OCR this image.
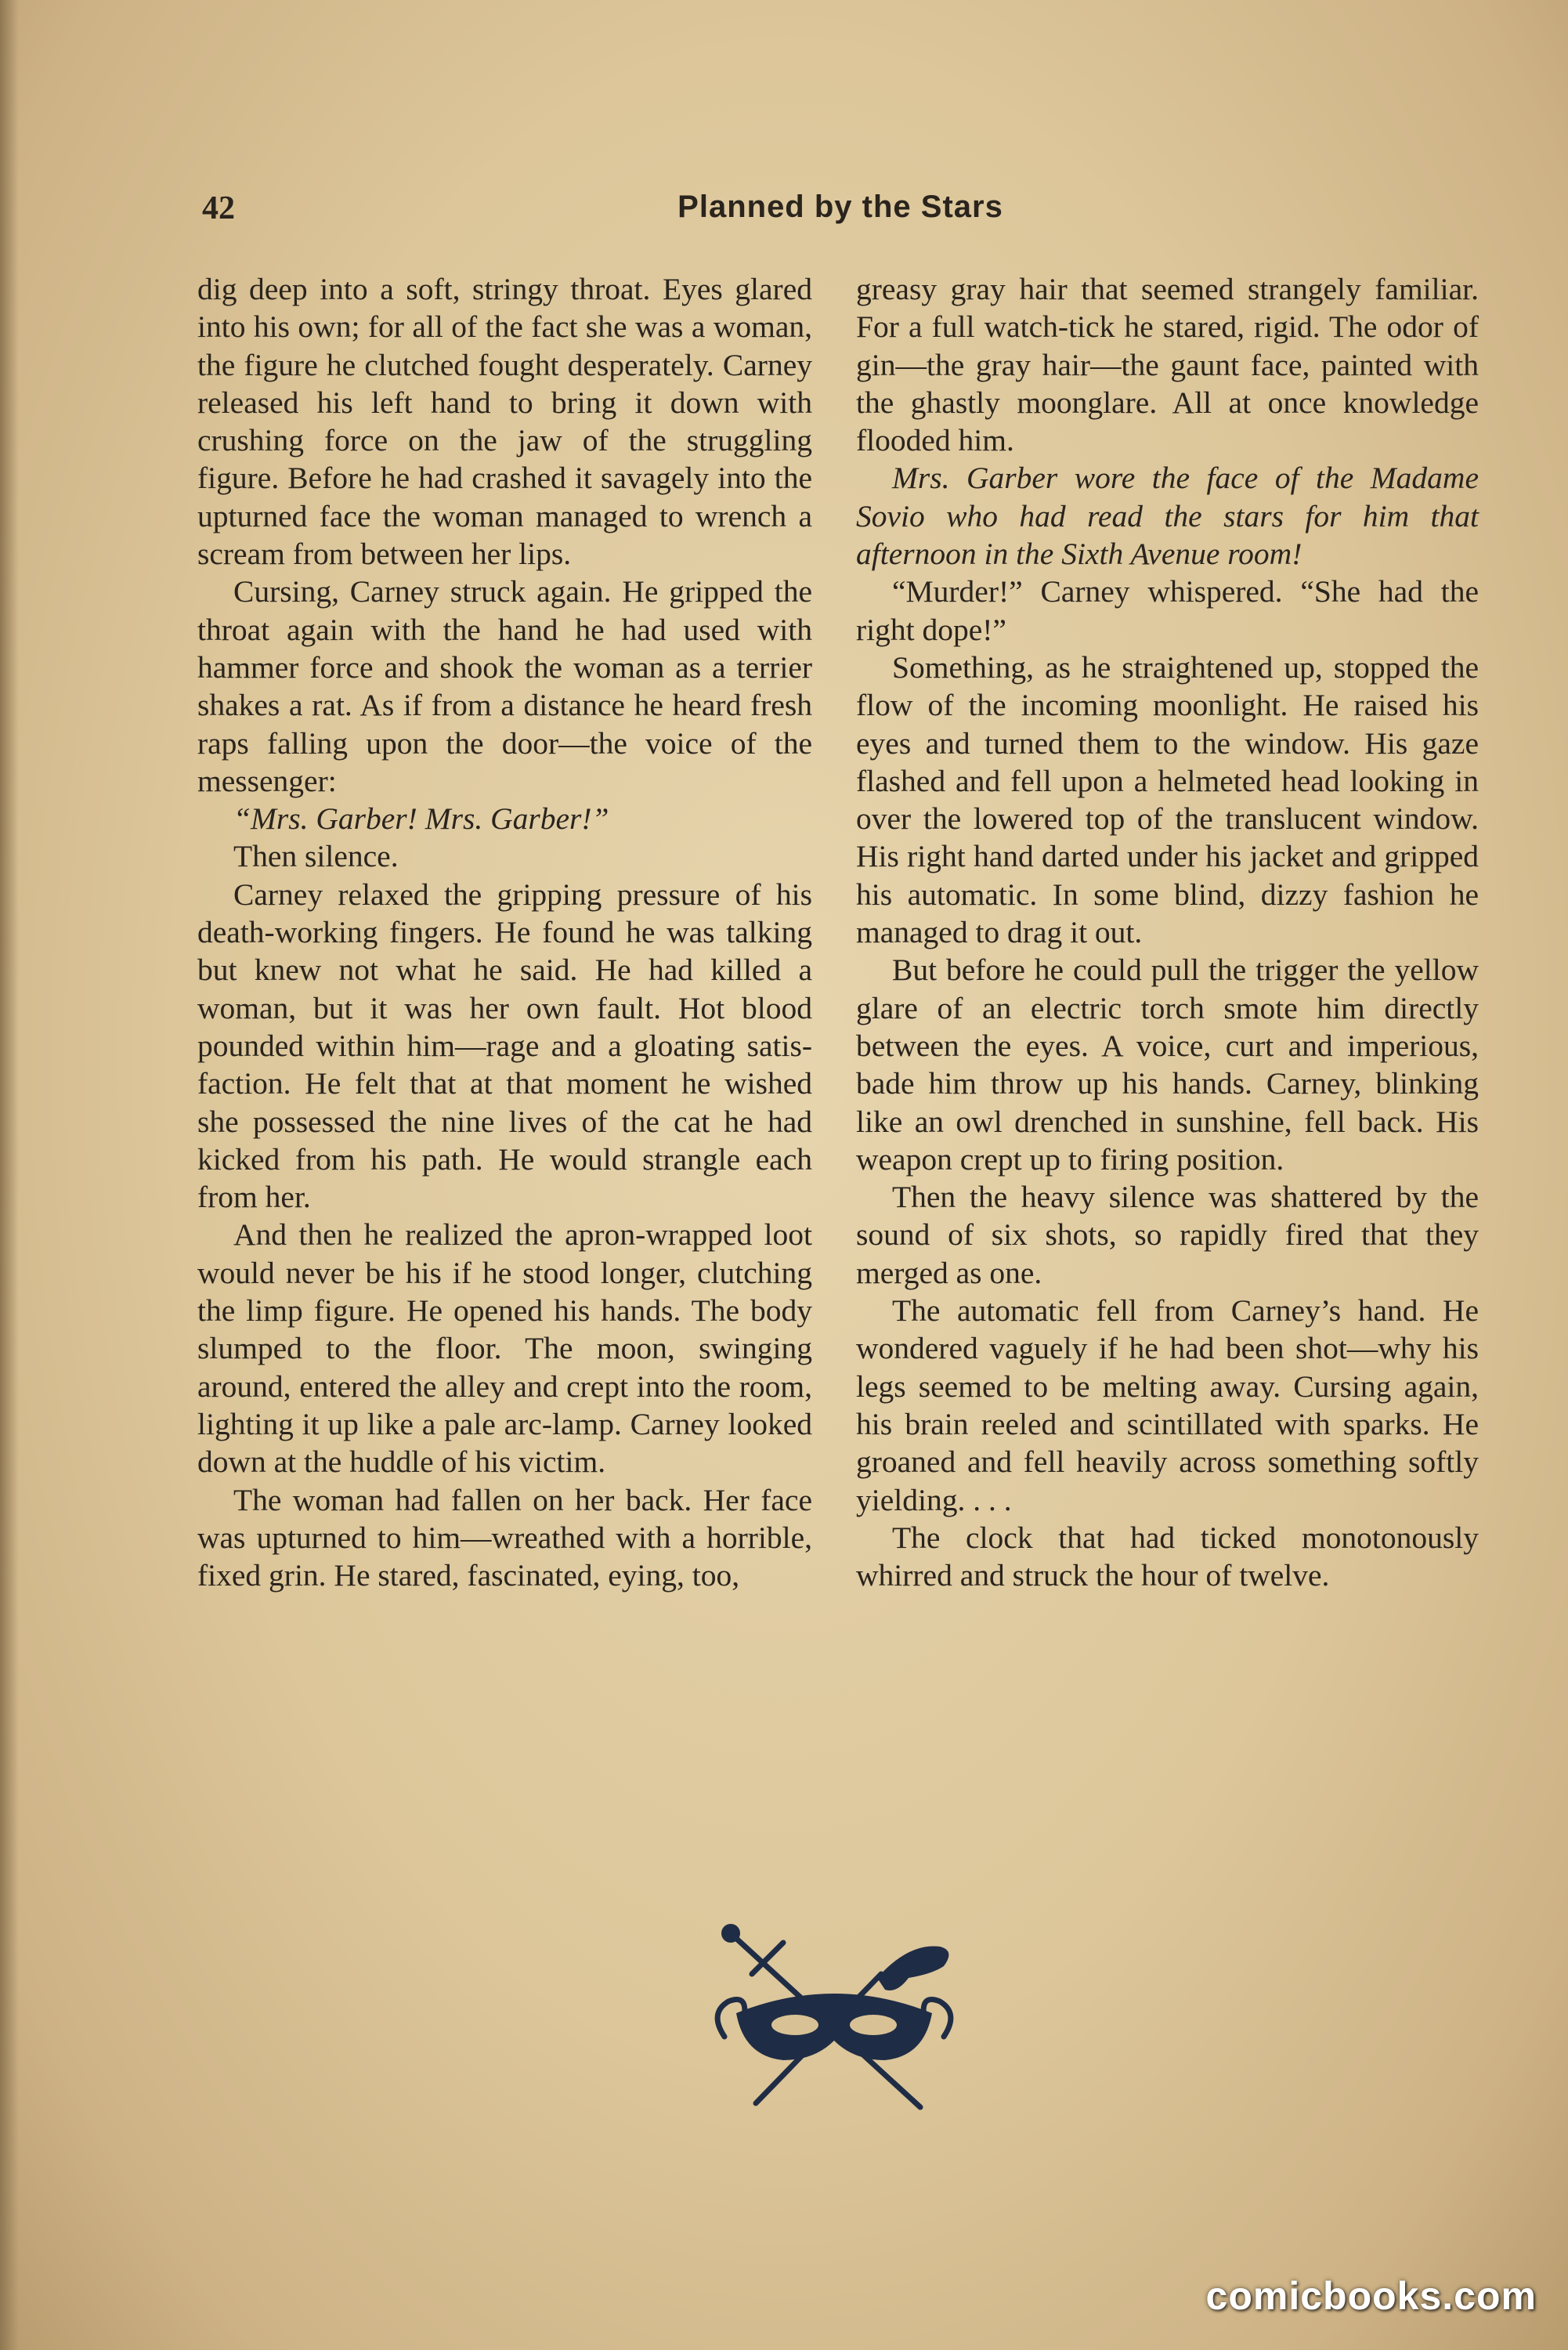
42	Planned by the Stars

dig deep into a soft, stringy throat. Eyes glared into his own; for all of the fact she was a woman, the figure he clutched fought desperately. Carney released his left hand to bring it down with crushing force on the jaw of the struggling figure. Before he had crashed it savagely into the upturned face the woman managed to wrench a scream from between her lips.

Cursing, Carney struck again. He gripped the throat again with the hand he had used with hammer force and shook the woman as a terrier shakes a rat. As if from a distance he heard fresh raps falling upon the door—the voice of the messenger:

“Mrs. Garber! Mrs. Garber!”

Then silence.

Carney relaxed the gripping pressure of his death-working fingers. He found he was talking but knew not what he said. He had killed a woman, but it was her own fault. Hot blood pounded within him—rage and a gloating satisfaction. He felt that at that moment he wished she possessed the nine lives of the cat he had kicked from his path. He would strangle each from her.

And then he realized the apron-wrapped loot would never be his if he stood longer, clutching the limp figure. He opened his hands. The body slumped to the floor. The moon, swinging around, entered the alley and crept into the room, lighting it up like a pale arc-lamp. Carney looked down at the huddle of his victim.

The woman had fallen on her back. Her face was upturned to him—wreathed with a horrible, fixed grin. He stared, fascinated, eying, too,

greasy gray hair that seemed strangely familiar. For a full watch-tick he stared, rigid. The odor of gin—the gray hair—the gaunt face, painted with the ghastly moonglare. All at once knowledge flooded him.

Mrs. Garber wore the face of the Madame Sovio who had read the stars for him that afternoon in the Sixth Avenue room!

“Murder!” Carney whispered. “She had the right dope!”

Something, as he straightened up, stopped the flow of the incoming moonlight. He raised his eyes and turned them to the window. His gaze flashed and fell upon a helmeted head looking in over the lowered top of the translucent window. His right hand darted under his jacket and gripped his automatic. In some blind, dizzy fashion he managed to drag it out.

But before he could pull the trigger the yellow glare of an electric torch smote him directly between the eyes. A voice, curt and imperious, bade him throw up his hands. Carney, blinking like an owl drenched in sunshine, fell back. His weapon crept up to firing position.

Then the heavy silence was shattered by the sound of six shots, so rapidly fired that they merged as one.

The automatic fell from Carney’s hand. He wondered vaguely if he had been shot—why his legs seemed to be melting away. Cursing again, his brain reeled and scintillated with sparks. He groaned and fell heavily across something softly yielding. . . .

The clock that had ticked monotonously whirred and struck the hour of twelve.

comicbooks.com
